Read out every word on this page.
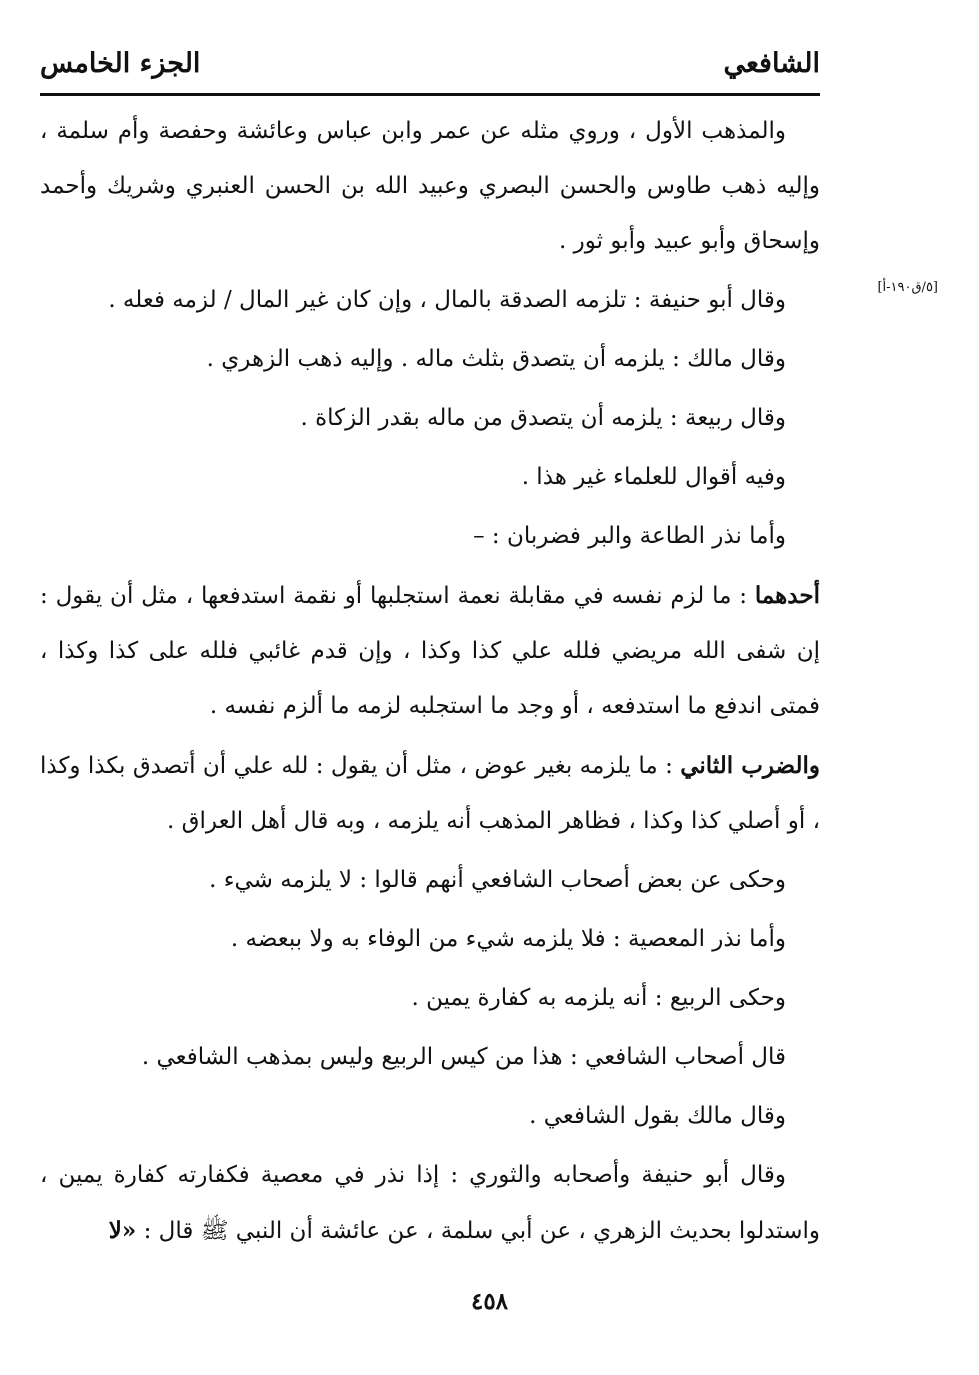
الشافعي
الجزء الخامس
[٥/ق١٩٠-أ]

والمذهب الأول ، وروي مثله عن عمر وابن عباس وعائشة وحفصة وأم سلمة ، وإليه ذهب طاوس والحسن البصري وعبيد الله بن الحسن العنبري وشريك وأحمد وإسحاق وأبو عبيد وأبو ثور .

وقال أبو حنيفة : تلزمه الصدقة بالمال ، وإن كان غير المال / لزمه فعله .

وقال مالك : يلزمه أن يتصدق بثلث ماله . وإليه ذهب الزهري .

وقال ربيعة : يلزمه أن يتصدق من ماله بقدر الزكاة .

وفيه أقوال للعلماء غير هذا .

وأما نذر الطاعة والبر فضربان : –

أحدهما : ما لزم نفسه في مقابلة نعمة استجلبها أو نقمة استدفعها ، مثل أن يقول : إن شفى الله مريضي فلله علي كذا وكذا ، وإن قدم غائبي فلله على كذا وكذا ، فمتى اندفع ما استدفعه ، أو وجد ما استجلبه لزمه ما ألزم نفسه .

والضرب الثاني : ما يلزمه بغير عوض ، مثل أن يقول : لله علي أن أتصدق بكذا وكذا ، أو أصلي كذا وكذا ، فظاهر المذهب أنه يلزمه ، وبه قال أهل العراق .

وحكى عن بعض أصحاب الشافعي أنهم قالوا : لا يلزمه شيء .

وأما نذر المعصية : فلا يلزمه شيء من الوفاء به ولا ببعضه .

وحكى الربيع : أنه يلزمه به كفارة يمين .

قال أصحاب الشافعي : هذا من كيس الربيع وليس بمذهب الشافعي .

وقال مالك بقول الشافعي .

وقال أبو حنيفة وأصحابه والثوري : إذا نذر في معصية فكفارته كفارة يمين ، واستدلوا بحديث الزهري ، عن أبي سلمة ، عن عائشة أن النبي ﷺ قال : «لا

٤٥٨
